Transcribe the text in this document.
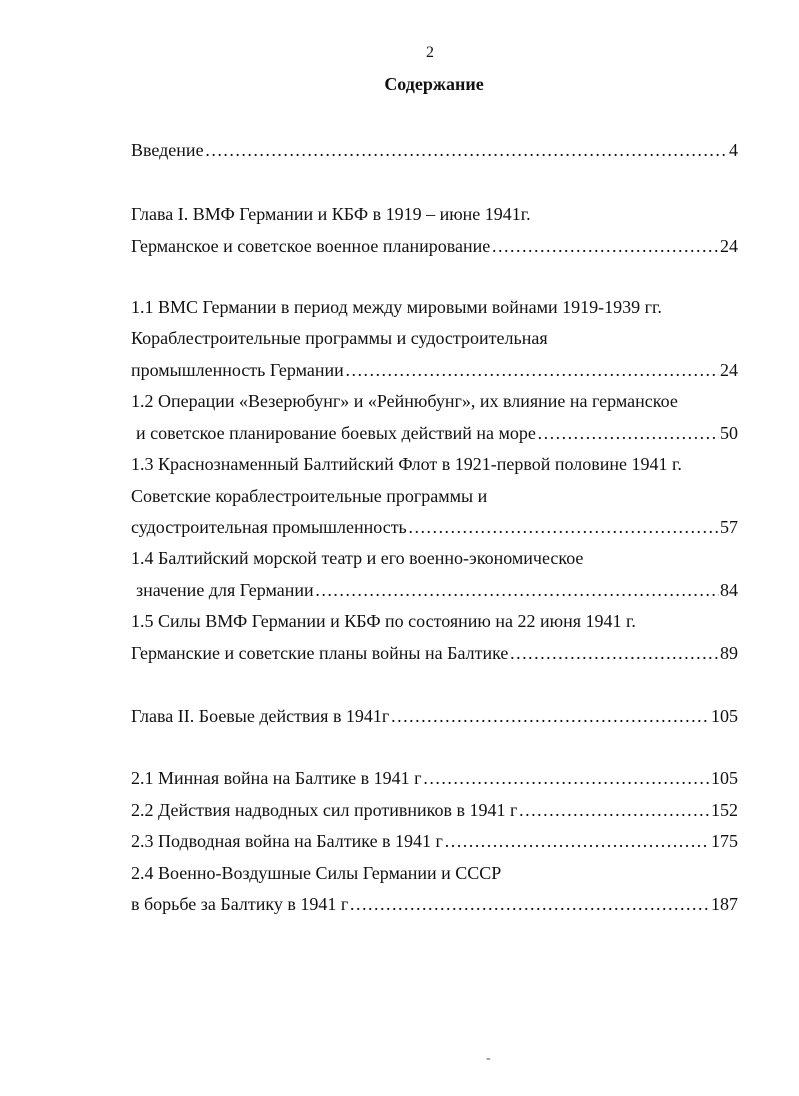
2
Содержание
Введение …………………………………………………………………………………………………………………………………………………………………………………………………………………	4
Глава I. ВМФ Германии и КБФ в 1919 – июне 1941г.
Германское и советское военное планирование …………………………………………………………………………………………………………………………………………………………………………………………………………………	24
1.1 ВМС Германии в период между мировыми войнами 1919-1939 гг.
Кораблестроительные программы и судостроительная
промышленность Германии …………………………………………………………………………………………………………………………………………………………………………………………………………………	24
1.2 Операции «Везерюбунг» и «Рейнюбунг», их влияние на германское
и советское планирование боевых действий на море …………………………………………………………………………………………………………………………………………………………………………………………………………………	50
1.3 Краснознаменный Балтийский Флот в 1921-первой половине 1941 г.
Советские кораблестроительные программы и
судостроительная промышленность …………………………………………………………………………………………………………………………………………………………………………………………………………………	57
1.4 Балтийский морской театр и его военно-экономическое
значение для Германии …………………………………………………………………………………………………………………………………………………………………………………………………………………	84
1.5 Силы ВМФ Германии и КБФ по состоянию на 22 июня 1941 г.
Германские и советские планы войны на Балтике …………………………………………………………………………………………………………………………………………………………………………………………………………………	89
Глава II. Боевые действия в 1941г …………………………………………………………………………………………………………………………………………………………………………………………………………………	105
2.1 Минная война на Балтике в 1941 г …………………………………………………………………………………………………………………………………………………………………………………………………………………	105
2.2 Действия надводных сил противников в 1941 г …………………………………………………………………………………………………………………………………………………………………………………………………………………	152
2.3 Подводная война на Балтике в 1941 г …………………………………………………………………………………………………………………………………………………………………………………………………………………	175
2.4 Военно-Воздушные Силы Германии и СССР
в борьбе за Балтику в 1941 г …………………………………………………………………………………………………………………………………………………………………………………………………………………	187
-
